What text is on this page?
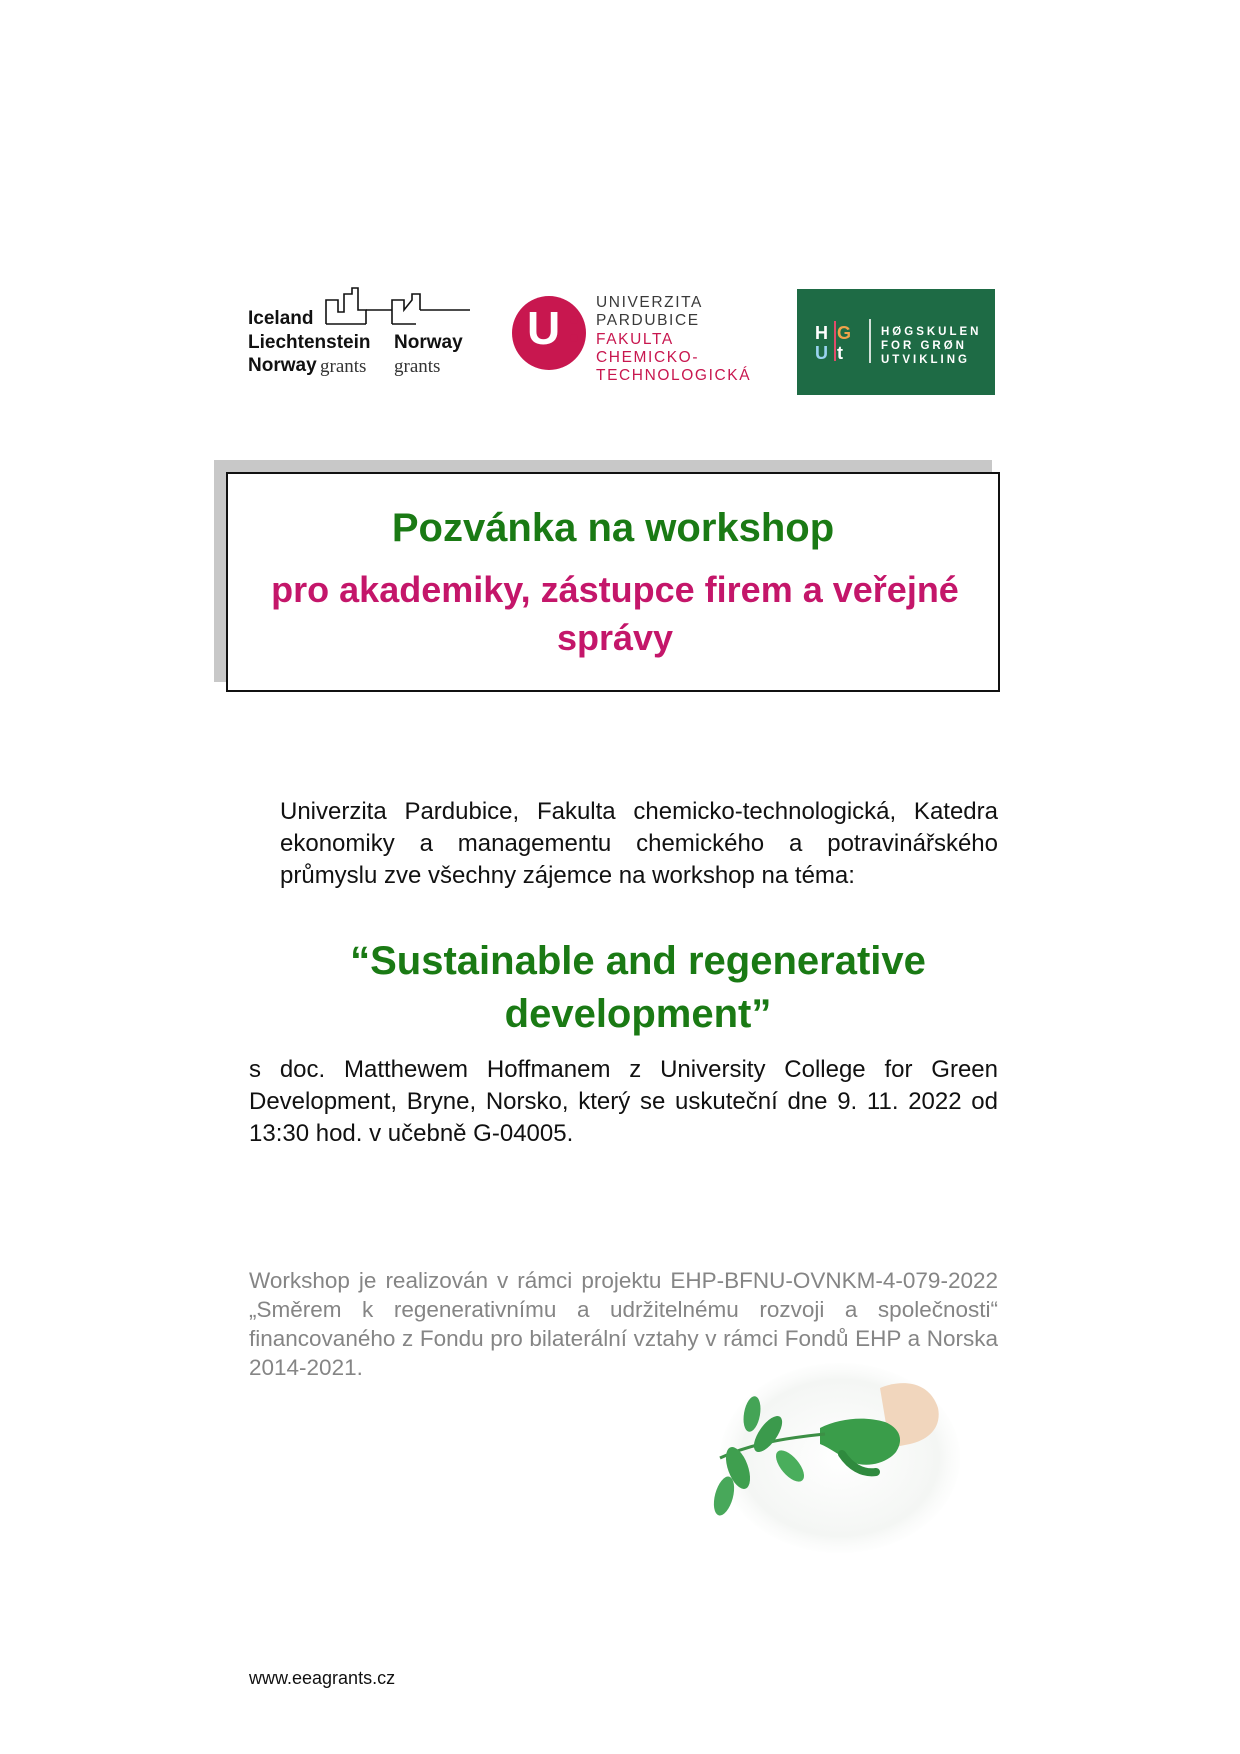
Iceland
Liechtenstein Norway
Norway grants grants
U UNIVERZITA
PARDUBICE
FAKULTA
CHEMICKO-
TECHNOLOGICKÁ
H G
U t
HØGSKULEN
FOR GRØN
UTVIKLING
Pozvánka na workshop
pro akademiky, zástupce firem a veřejné správy

Univerzita Pardubice, Fakulta chemicko-technologická, Katedra ekonomiky a managementu chemického a potravinářského průmyslu zve všechny zájemce na workshop na téma:

“Sustainable and regenerative development”

s doc. Matthewem Hoffmanem z University College for Green Development, Bryne, Norsko, který se uskuteční dne 9. 11. 2022 od 13:30 hod. v učebně G-04005.

Workshop je realizován v rámci projektu EHP-BFNU-OVNKM-4-079-2022 „Směrem k regenerativnímu a udržitelnému rozvoji a společnosti“ financovaného z Fondu pro bilaterální vztahy v rámci Fondů EHP a Norska 2014-2021.

www.eeagrants.cz
